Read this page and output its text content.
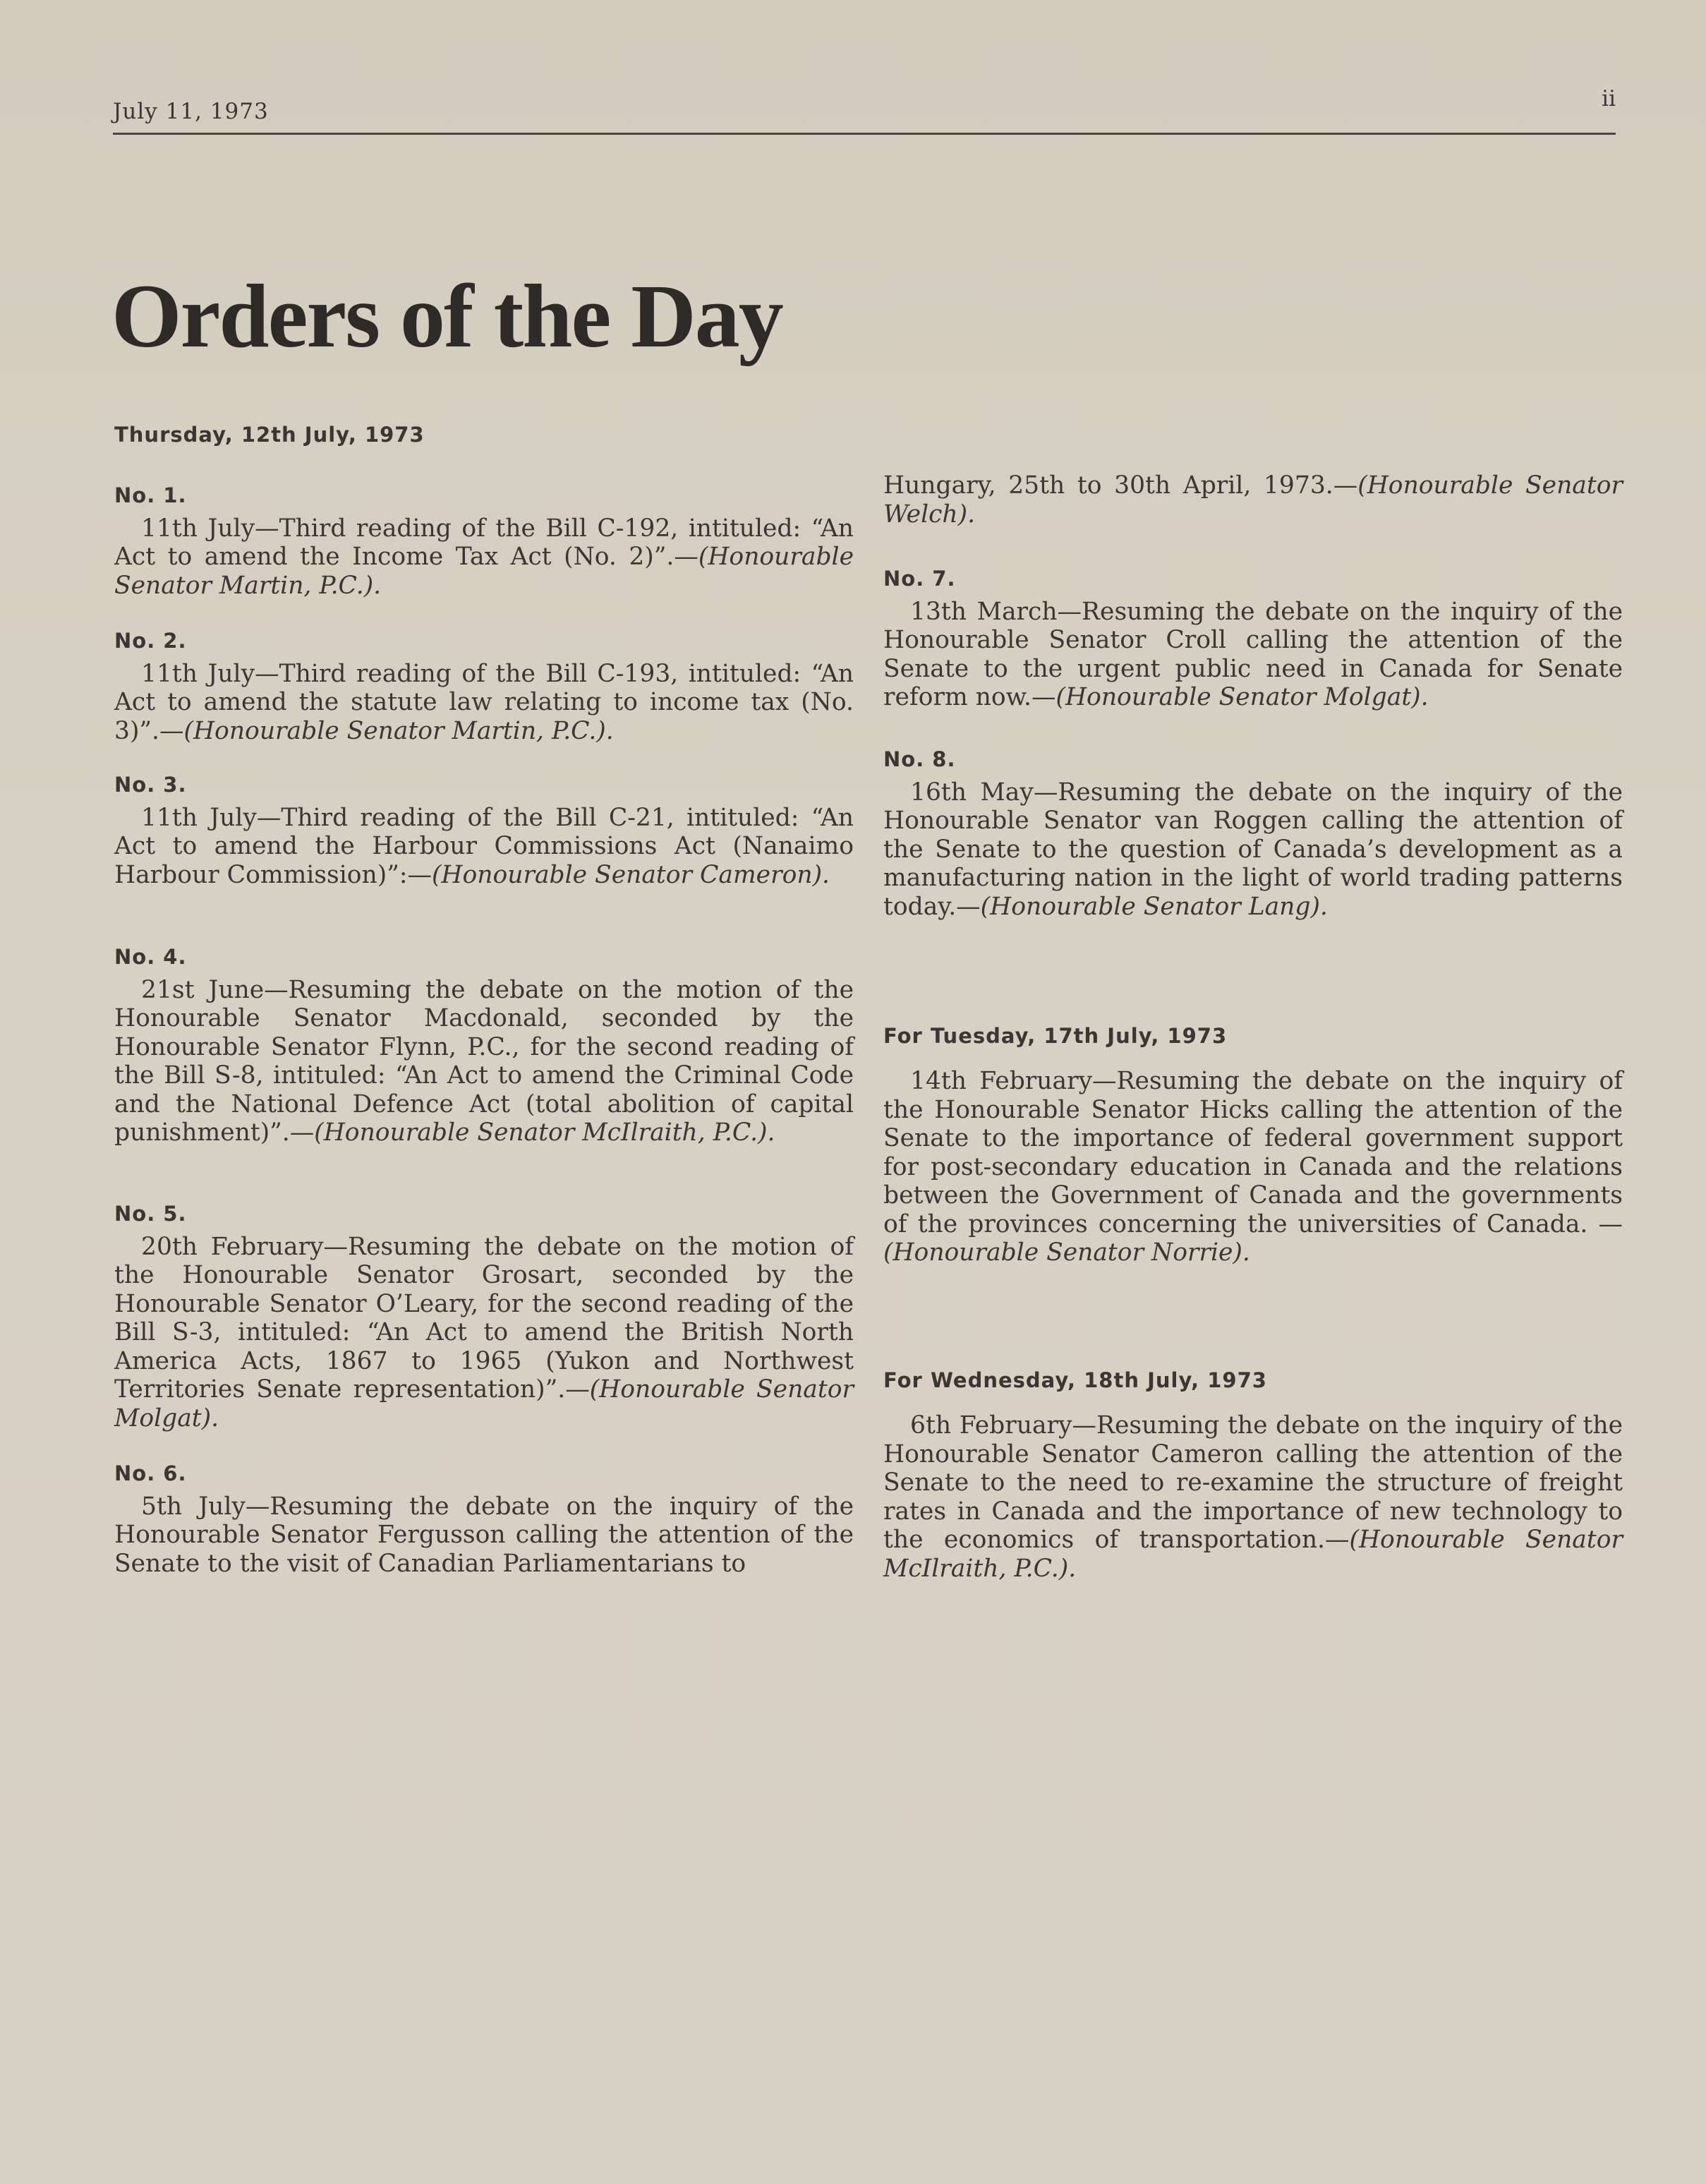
July 11, 1973	ii
Orders of the Day
Thursday, 12th July, 1973
No. 1.

11th July—Third reading of the Bill C-192, intituled: “An Act to amend the Income Tax Act (No. 2)”.—(Honourable Senator Martin, P.C.).

No. 2.

11th July—Third reading of the Bill C-193, intituled: “An Act to amend the statute law relating to income tax (No. 3)”.—(Honourable Senator Martin, P.C.).

No. 3.

11th July—Third reading of the Bill C-21, intituled: “An Act to amend the Harbour Commissions Act (Nanaimo Harbour Commission)”:—(Honourable Senator Cameron).

No. 4.

21st June—Resuming the debate on the motion of the Honourable Senator Macdonald, seconded by the Honourable Senator Flynn, P.C., for the second reading of the Bill S-8, intituled: “An Act to amend the Criminal Code and the National Defence Act (total abolition of capital punishment)”.—(Honourable Senator McIlraith, P.C.).

No. 5.

20th February—Resuming the debate on the motion of the Honourable Senator Grosart, seconded by the Honourable Senator O’Leary, for the second reading of the Bill S-3, intituled: “An Act to amend the British North America Acts, 1867 to 1965 (Yukon and Northwest Territories Senate representation)”.—(Honourable Senator Molgat).

No. 6.

5th July—Resuming the debate on the inquiry of the Honourable Senator Fergusson calling the attention of the Senate to the visit of Canadian Parliamentarians to

Hungary, 25th to 30th April, 1973.—(Honourable Senator Welch).

No. 7.

13th March—Resuming the debate on the inquiry of the Honourable Senator Croll calling the attention of the Senate to the urgent public need in Canada for Senate reform now.—(Honourable Senator Molgat).

No. 8.

16th May—Resuming the debate on the inquiry of the Honourable Senator van Roggen calling the attention of the Senate to the question of Canada’s development as a manufacturing nation in the light of world trading patterns today.—(Honourable Senator Lang).

For Tuesday, 17th July, 1973

14th February—Resuming the debate on the inquiry of the Honourable Senator Hicks calling the attention of the Senate to the importance of federal government support for post-secondary education in Canada and the relations between the Government of Canada and the governments of the provinces concerning the universities of Canada. —(Honourable Senator Norrie).

For Wednesday, 18th July, 1973

6th February—Resuming the debate on the inquiry of the Honourable Senator Cameron calling the attention of the Senate to the need to re-examine the structure of freight rates in Canada and the importance of new technology to the economics of transportation.—(Honourable Senator McIlraith, P.C.).
